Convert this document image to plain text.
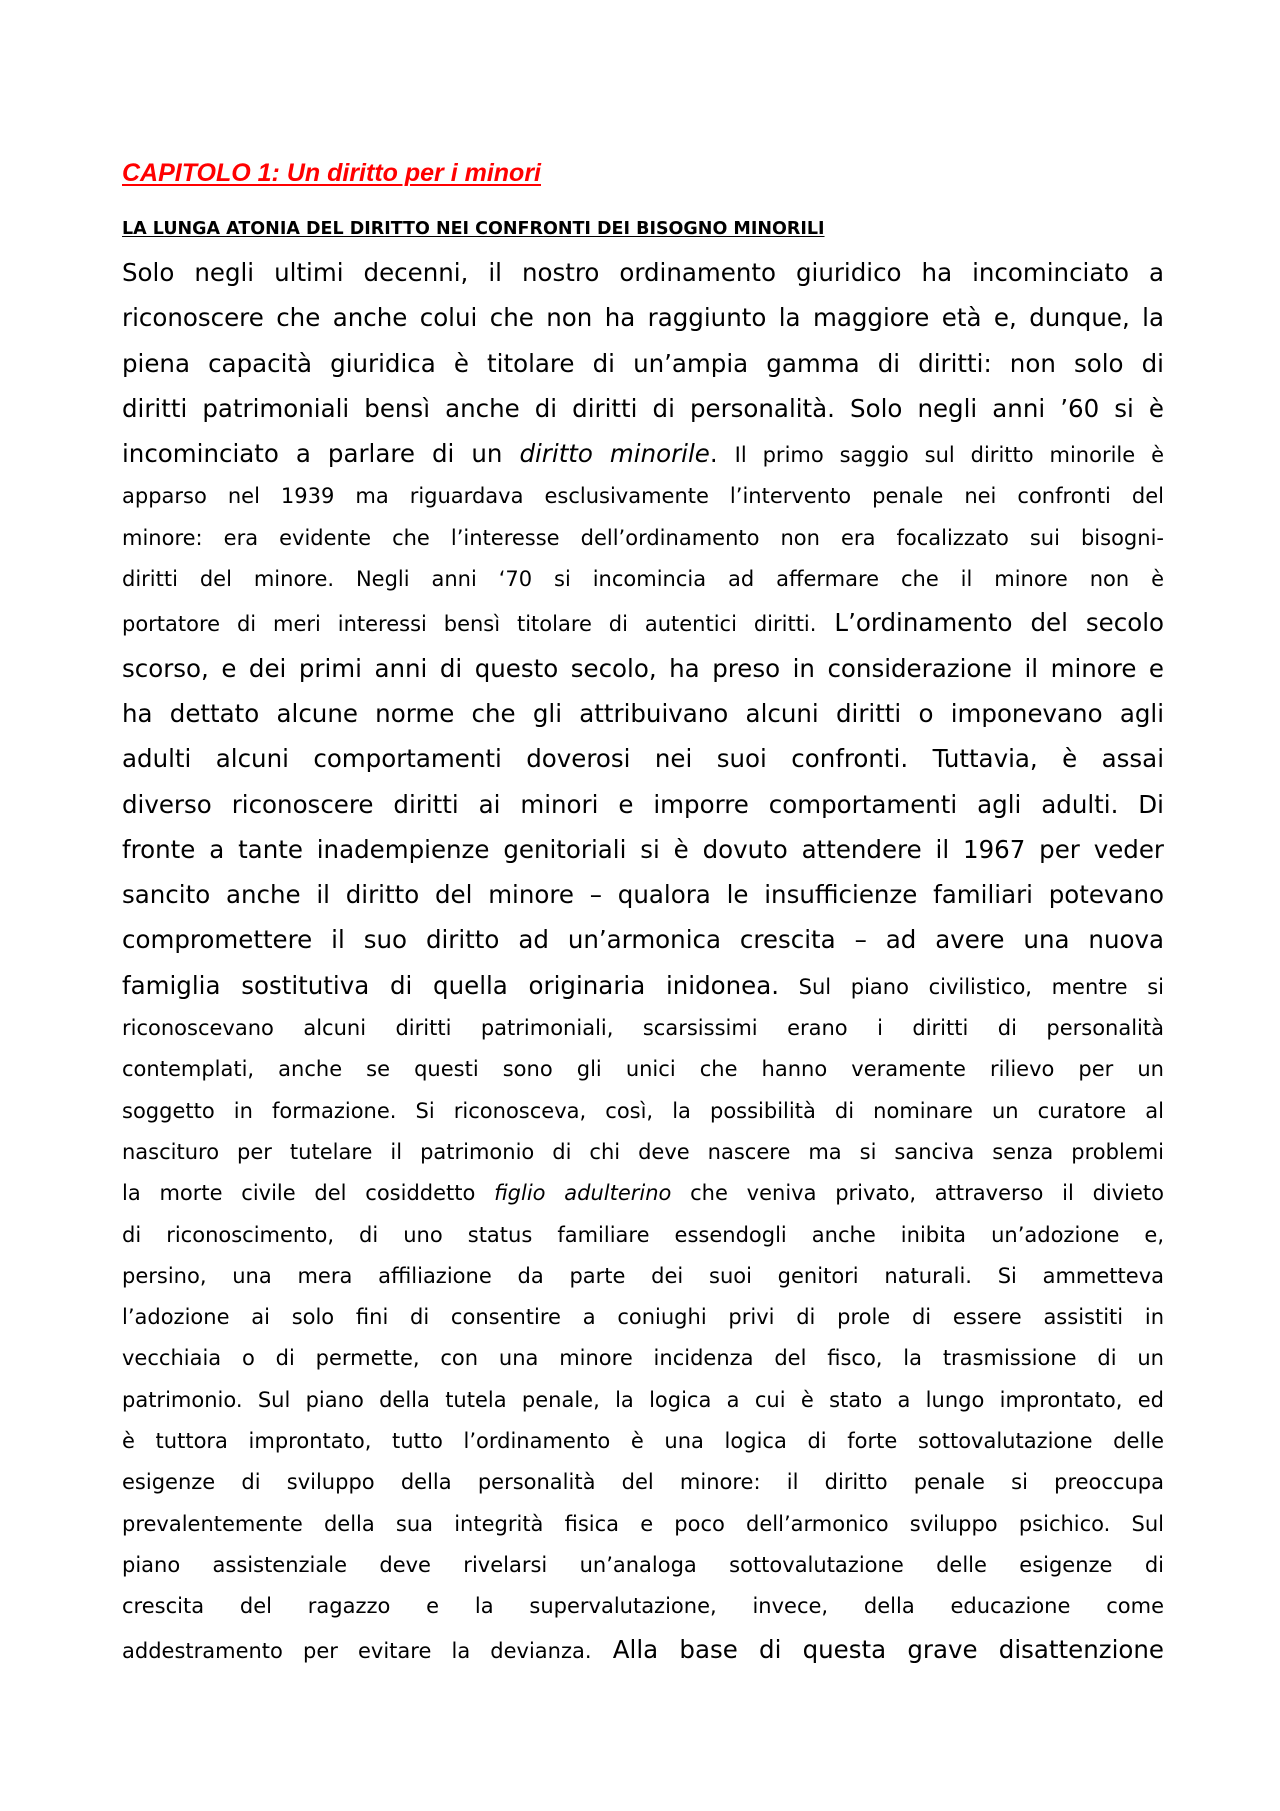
CAPITOLO 1: Un diritto per i minori
LA LUNGA ATONIA DEL DIRITTO NEI CONFRONTI DEI BISOGNO MINORILI
Solo negli ultimi decenni, il nostro ordinamento giuridico ha incominciato a
riconoscere che anche colui che non ha raggiunto la maggiore età e, dunque, la
piena capacità giuridica è titolare di un’ampia gamma di diritti: non solo di
diritti patrimoniali bensì anche di diritti di personalità. Solo negli anni ’60 si è
incominciato a parlare di un diritto minorile. Il primo saggio sul diritto minorile è
apparso nel 1939 ma riguardava esclusivamente l’intervento penale nei confronti del
minore: era evidente che l’interesse dell’ordinamento non era focalizzato sui bisogni-
diritti del minore. Negli anni ‘70 si incomincia ad affermare che il minore non è
portatore di meri interessi bensì titolare di autentici diritti. L’ordinamento del secolo
scorso, e dei primi anni di questo secolo, ha preso in considerazione il minore e
ha dettato alcune norme che gli attribuivano alcuni diritti o imponevano agli
adulti alcuni comportamenti doverosi nei suoi confronti. Tuttavia, è assai
diverso riconoscere diritti ai minori e imporre comportamenti agli adulti. Di
fronte a tante inadempienze genitoriali si è dovuto attendere il 1967 per veder
sancito anche il diritto del minore – qualora le insufficienze familiari potevano
compromettere il suo diritto ad un’armonica crescita – ad avere una nuova
famiglia sostitutiva di quella originaria inidonea. Sul piano civilistico, mentre si
riconoscevano alcuni diritti patrimoniali, scarsissimi erano i diritti di personalità
contemplati, anche se questi sono gli unici che hanno veramente rilievo per un
soggetto in formazione. Si riconosceva, così, la possibilità di nominare un curatore al
nascituro per tutelare il patrimonio di chi deve nascere ma si sanciva senza problemi
la morte civile del cosiddetto figlio adulterino che veniva privato, attraverso il divieto
di riconoscimento, di uno status familiare essendogli anche inibita un’adozione e,
persino, una mera affiliazione da parte dei suoi genitori naturali. Si ammetteva
l’adozione ai solo fini di consentire a coniughi privi di prole di essere assistiti in
vecchiaia o di permette, con una minore incidenza del fisco, la trasmissione di un
patrimonio. Sul piano della tutela penale, la logica a cui è stato a lungo improntato, ed
è tuttora improntato, tutto l’ordinamento è una logica di forte sottovalutazione delle
esigenze di sviluppo della personalità del minore: il diritto penale si preoccupa
prevalentemente della sua integrità fisica e poco dell’armonico sviluppo psichico. Sul
piano assistenziale deve rivelarsi un’analoga sottovalutazione delle esigenze di
crescita del ragazzo e la supervalutazione, invece, della educazione come
addestramento per evitare la devianza. Alla base di questa grave disattenzione
